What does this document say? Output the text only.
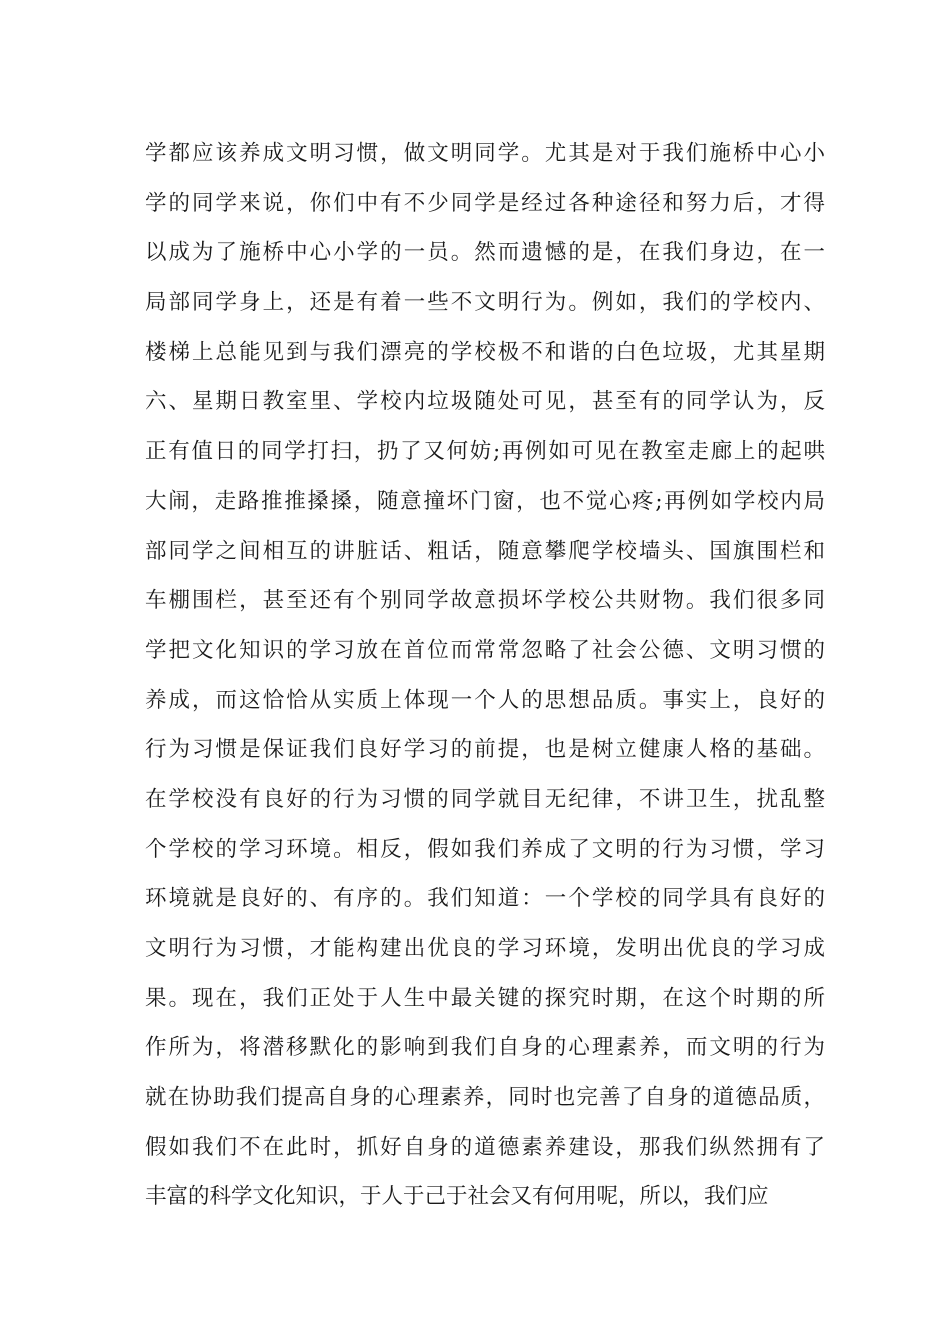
学都应该养成文明习惯，做文明同学。尤其是对于我们施桥中心小
学的同学来说，你们中有不少同学是经过各种途径和努力后，才得
以成为了施桥中心小学的一员。然而遗憾的是，在我们身边，在一
局部同学身上，还是有着一些不文明行为。例如，我们的学校内、
楼梯上总能见到与我们漂亮的学校极不和谐的白色垃圾，尤其星期
六、星期日教室里、学校内垃圾随处可见，甚至有的同学认为，反
正有值日的同学打扫，扔了又何妨;再例如可见在教室走廊上的起哄
大闹，走路推推搡搡，随意撞坏门窗，也不觉心疼;再例如学校内局
部同学之间相互的讲脏话、粗话，随意攀爬学校墙头、国旗围栏和
车棚围栏，甚至还有个别同学故意损坏学校公共财物。我们很多同
学把文化知识的学习放在首位而常常忽略了社会公德、文明习惯的
养成，而这恰恰从实质上体现一个人的思想品质。事实上，良好的
行为习惯是保证我们良好学习的前提，也是树立健康人格的基础。
在学校没有良好的行为习惯的同学就目无纪律，不讲卫生，扰乱整
个学校的学习环境。相反，假如我们养成了文明的行为习惯，学习
环境就是良好的、有序的。我们知道：一个学校的同学具有良好的
文明行为习惯，才能构建出优良的学习环境，发明出优良的学习成
果。现在，我们正处于人生中最关键的探究时期，在这个时期的所
作所为，将潜移默化的影响到我们自身的心理素养，而文明的行为
就在协助我们提高自身的心理素养，同时也完善了自身的道德品质，
假如我们不在此时，抓好自身的道德素养建设，那我们纵然拥有了
丰富的科学文化知识，于人于己于社会又有何用呢，所以，我们应
